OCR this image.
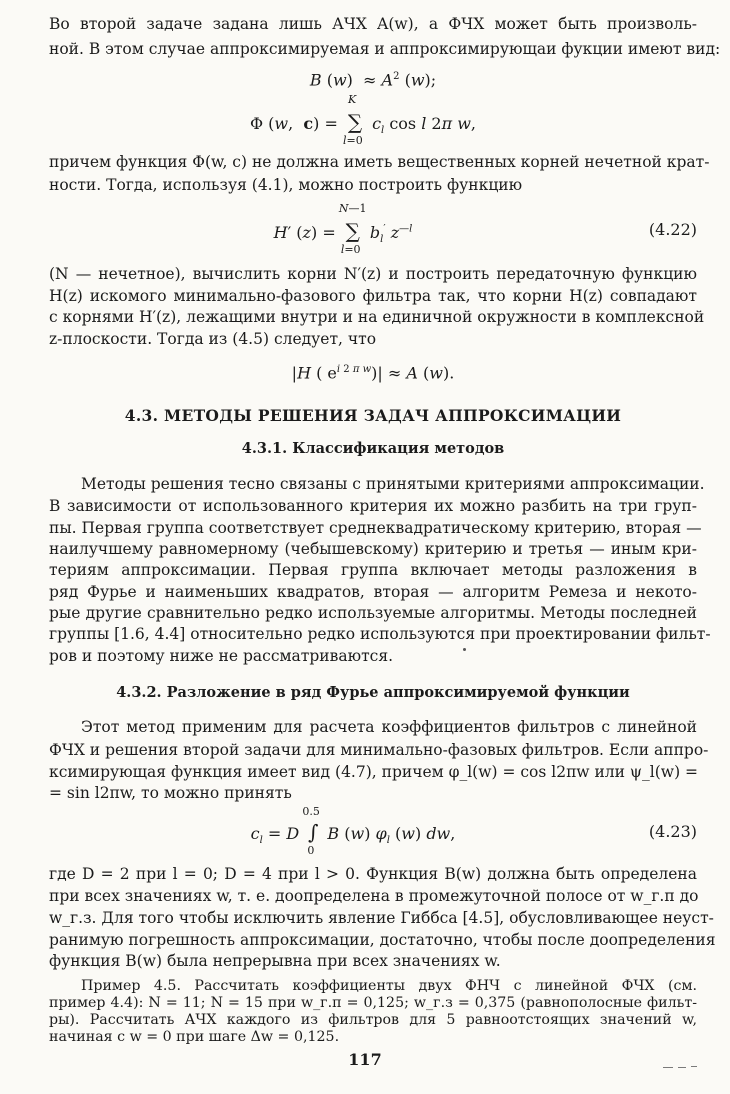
Во второй задаче задана лишь АЧХ A(w), а ФЧХ может быть произволь-
ной. В этом случае аппроксимируемая и аппроксимирующаи фукции имеют вид:
B $(w) \approx A^2$ (w);
Φ (w,  c) =
K
∑
l=0
$c_l$ cos l 2π w,
причем функция Φ(w, c) не должна иметь вещественных корней нечетной крат-
ности. Тогда, используя (4.1), можно построить функцию
H′ (z) =
N—1
∑
l=0
$b_l'$ $z^{—l}$	(4.22)
(N — нечетное), вычислить корни N′(z) и построить передаточную функцию
H(z) искомого минимально-фазового фильтра так, что корни H(z) совпадают
с корнями H′(z), лежащими внутри и на единичной окружности в комплексной
z-плоскости. Тогда из (4.5) следует, что
|H ( $e^{i 2 \pi w})| \approx A$ (w).
4.3. МЕТОДЫ РЕШЕНИЯ ЗАДАЧ АППРОКСИМАЦИИ
4.3.1. Классификация методов
Методы решения тесно связаны с принятыми критериями аппроксимации.
В зависимости от использованного критерия их можно разбить на три груп-
пы. Первая группа соответствует среднеквадратическому критерию, вторая —
наилучшему равномерному (чебышевскому) критерию и третья — иным кри-
териям аппроксимации. Первая группа включает методы разложения в
ряд Фурье и наименьших квадратов, вторая — алгоритм Ремеза и некото-
рые другие сравнительно редко используемые алгоритмы. Методы последней
группы [1.6, 4.4] относительно редко используются при проектировании фильт-
ров и поэтому ниже не рассматриваются.
4.3.2. Разложение в ряд Фурье аппроксимируемой функции
Этот метод применим для расчета коэффициентов фильтров с линейной
ФЧХ и решения второй задачи для минимально-фазовых фильтров. Если аппро-
ксимирующая функция имеет вид (4.7), причем φ_l(w) = cos l2πw или ψ_l(w) =
= sin l2πw, то можно принять
$c_l = D$
0.5
∫
0
B (w) $\varphi_l$ (w) dw,	(4.23)
где D = 2 при l = 0; D = 4 при l > 0. Функция B(w) должна быть определена
при всех значениях w, т. е. доопределена в промежуточной полосе от w_г.п до
w_г.з. Для того чтобы исключить явление Гиббса [4.5], обусловливающее неуст-
ранимую погрешность аппроксимации, достаточно, чтобы после доопределения
функция B(w) была непрерывна при всех значениях w.
Пример 4.5. Рассчитать коэффициенты двух ФНЧ с линейной ФЧХ (см.
пример 4.4): N = 11; N = 15 при w_г.п = 0,125; w_г.з = 0,375 (равнополосные фильт-
ры). Рассчитать АЧХ каждого из фильтров для 5 равноотстоящих значений w,
начиная с w = 0 при шаге Δw = 0,125.
117
